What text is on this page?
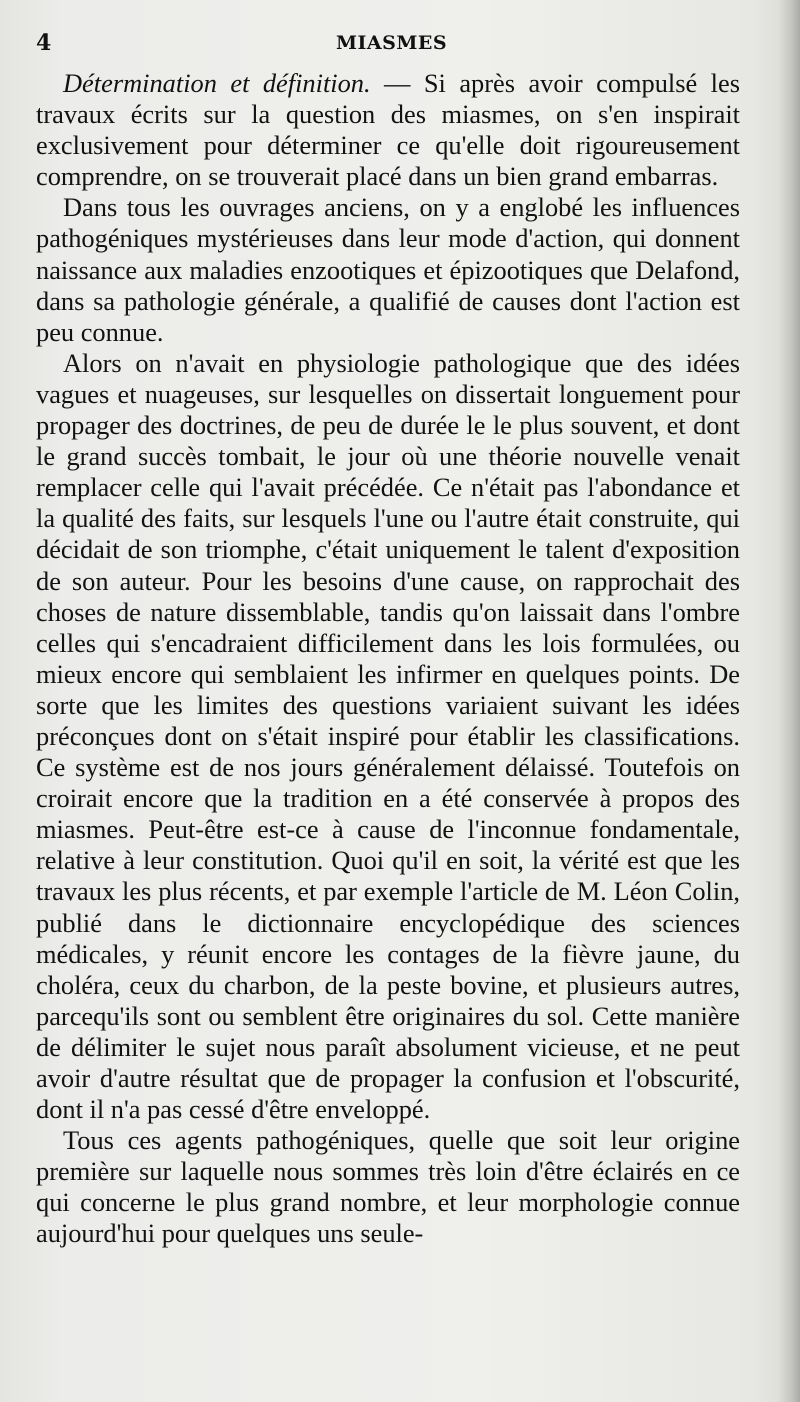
4	MIASMES

Détermination et définition. — Si après avoir compulsé les travaux écrits sur la question des miasmes, on s'en inspirait exclusivement pour déterminer ce qu'elle doit rigoureusement comprendre, on se trouverait placé dans un bien grand embarras.

Dans tous les ouvrages anciens, on y a englobé les influences pathogéniques mystérieuses dans leur mode d'action, qui donnent naissance aux maladies enzootiques et épizootiques que Delafond, dans sa pathologie générale, a qualifié de causes dont l'action est peu connue.

Alors on n'avait en physiologie pathologique que des idées vagues et nuageuses, sur lesquelles on dissertait longuement pour propager des doctrines, de peu de durée le le plus souvent, et dont le grand succès tombait, le jour où une théorie nouvelle venait remplacer celle qui l'avait précédée. Ce n'était pas l'abondance et la qualité des faits, sur lesquels l'une ou l'autre était construite, qui décidait de son triomphe, c'était uniquement le talent d'exposition de son auteur. Pour les besoins d'une cause, on rapprochait des choses de nature dissemblable, tandis qu'on laissait dans l'ombre celles qui s'encadraient difficilement dans les lois formulées, ou mieux encore qui semblaient les infirmer en quelques points. De sorte que les limites des questions variaient suivant les idées préconçues dont on s'était inspiré pour établir les classifications. Ce système est de nos jours généralement délaissé. Toutefois on croirait encore que la tradition en a été conservée à propos des miasmes. Peut-être est-ce à cause de l'inconnue fondamentale, relative à leur constitution. Quoi qu'il en soit, la vérité est que les travaux les plus récents, et par exemple l'article de M. Léon Colin, publié dans le dictionnaire encyclopédique des sciences médicales, y réunit encore les contages de la fièvre jaune, du choléra, ceux du charbon, de la peste bovine, et plusieurs autres, parcequ'ils sont ou semblent être originaires du sol. Cette manière de délimiter le sujet nous paraît absolument vicieuse, et ne peut avoir d'autre résultat que de propager la confusion et l'obscurité, dont il n'a pas cessé d'être enveloppé.

Tous ces agents pathogéniques, quelle que soit leur origine première sur laquelle nous sommes très loin d'être éclairés en ce qui concerne le plus grand nombre, et leur morphologie connue aujourd'hui pour quelques uns seule-
